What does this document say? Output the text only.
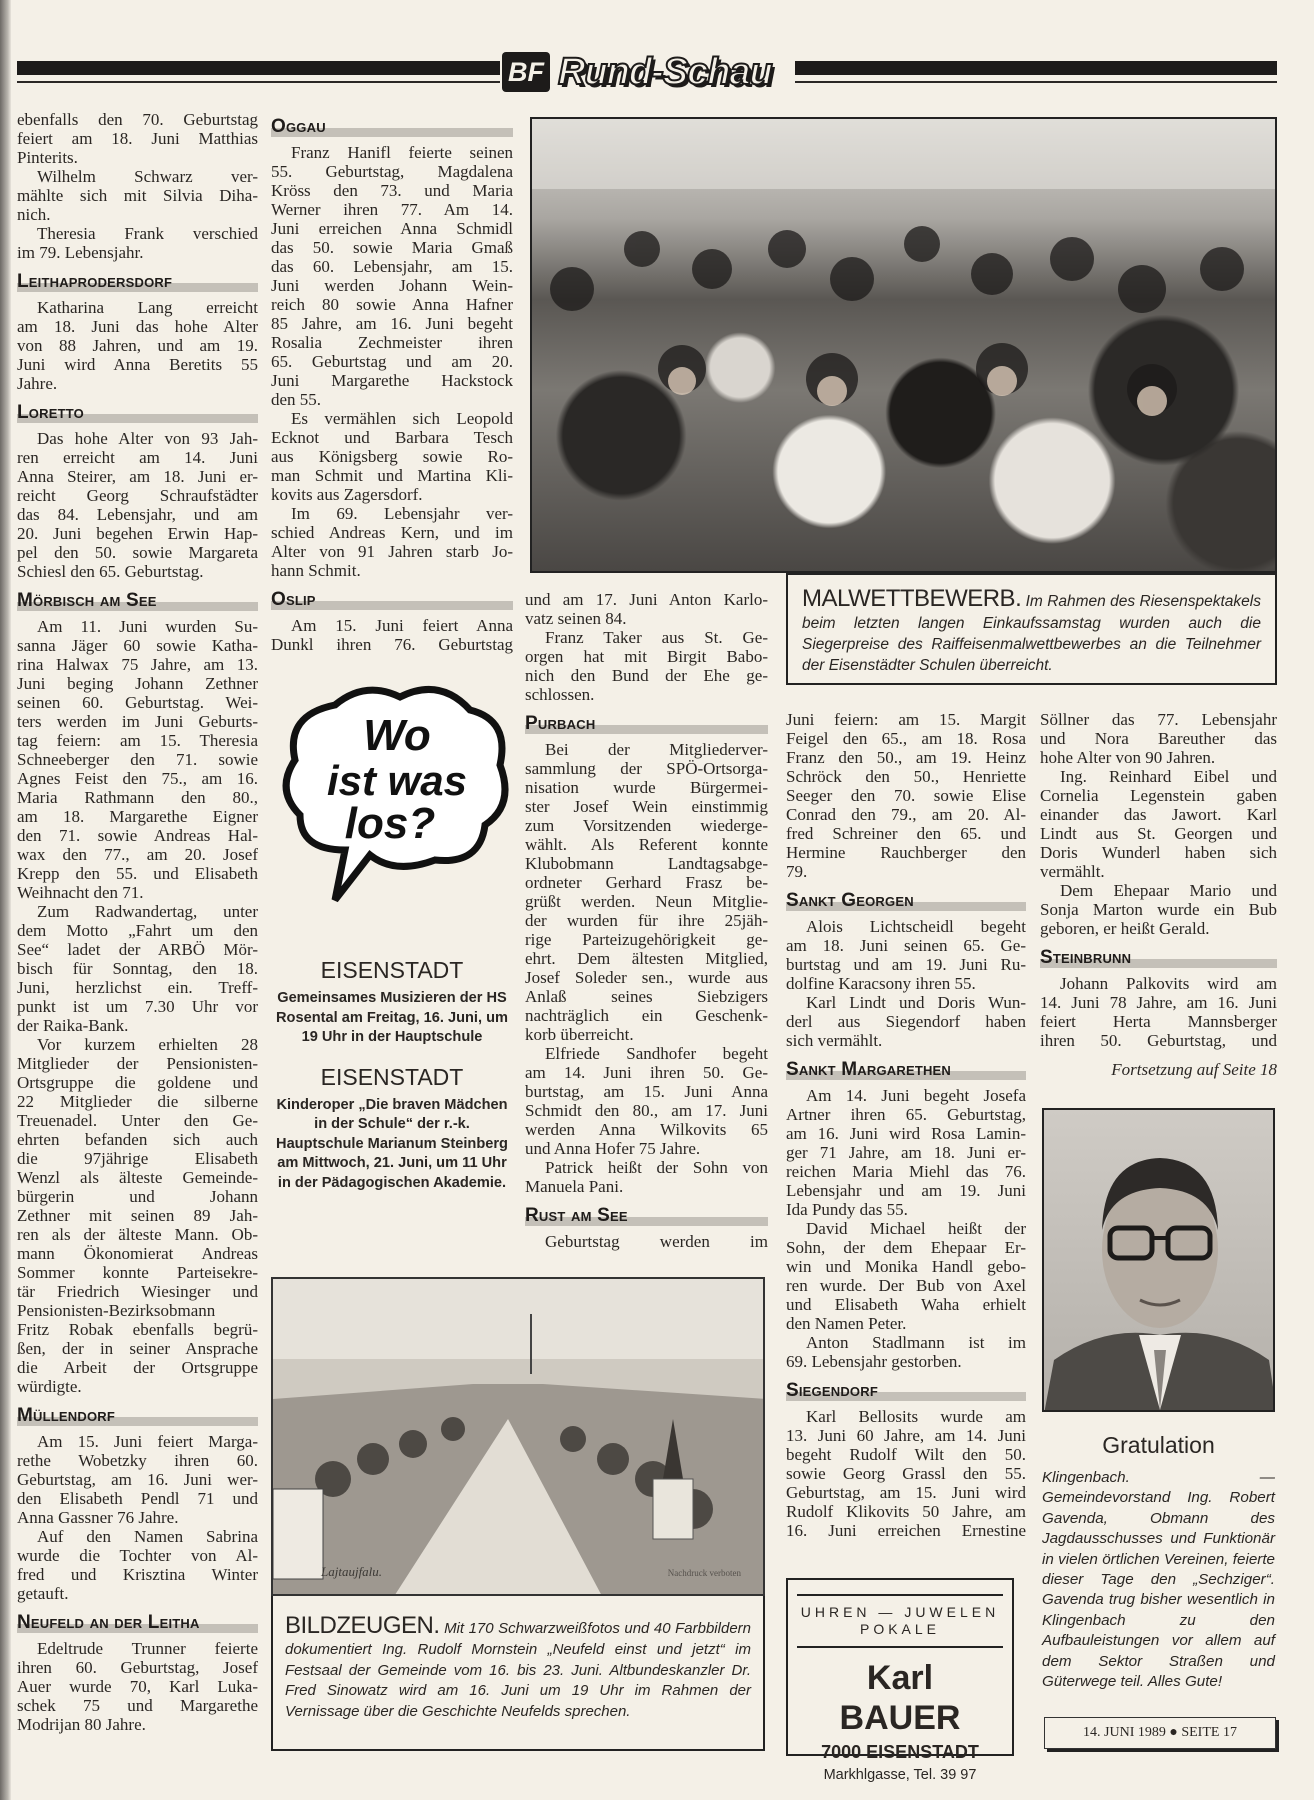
BF Rund-Schau
ebenfalls den 70. Geburtstag
feiert am 18. Juni Matthias
Pinterits.
Wilhelm Schwarz ver-
mählte sich mit Silvia Diha-
nich.
Theresia Frank verschied
im 79. Lebensjahr.
Leithaprodersdorf
Katharina Lang erreicht
am 18. Juni das hohe Alter
von 88 Jahren, und am 19.
Juni wird Anna Beretits 55
Jahre.
Loretto
Das hohe Alter von 93 Jah-
ren erreicht am 14. Juni
Anna Steirer, am 18. Juni er-
reicht Georg Schraufstädter
das 84. Lebensjahr, und am
20. Juni begehen Erwin Hap-
pel den 50. sowie Margareta
Schiesl den 65. Geburtstag.
Mörbisch am See
Am 11. Juni wurden Su-
sanna Jäger 60 sowie Katha-
rina Halwax 75 Jahre, am 13.
Juni beging Johann Zethner
seinen 60. Geburtstag. Wei-
ters werden im Juni Geburts-
tag feiern: am 15. Theresia
Schneeberger den 71. sowie
Agnes Feist den 75., am 16.
Maria Rathmann den 80.,
am 18. Margarethe Eigner
den 71. sowie Andreas Hal-
wax den 77., am 20. Josef
Krepp den 55. und Elisabeth
Weihnacht den 71.
Zum Radwandertag, unter
dem Motto „Fahrt um den
See“ ladet der ARBÖ Mör-
bisch für Sonntag, den 18.
Juni, herzlichst ein. Treff-
punkt ist um 7.30 Uhr vor
der Raika-Bank.
Vor kurzem erhielten 28
Mitglieder der Pensionisten-
Ortsgruppe die goldene und
22 Mitglieder die silberne
Treuenadel. Unter den Ge-
ehrten befanden sich auch
die 97jährige Elisabeth
Wenzl als älteste Gemeinde-
bürgerin und Johann
Zethner mit seinen 89 Jah-
ren als der älteste Mann. Ob-
mann Ökonomierat Andreas
Sommer konnte Parteisekre-
tär Friedrich Wiesinger und
Pensionisten-Bezirksobmann
Fritz Robak ebenfalls begrü-
ßen, der in seiner Ansprache
die Arbeit der Ortsgruppe
würdigte.
Müllendorf
Am 15. Juni feiert Marga-
rethe Wobetzky ihren 60.
Geburtstag, am 16. Juni wer-
den Elisabeth Pendl 71 und
Anna Gassner 76 Jahre.
Auf den Namen Sabrina
wurde die Tochter von Al-
fred und Krisztina Winter
getauft.
Neufeld an der Leitha
Edeltrude Trunner feierte
ihren 60. Geburtstag, Josef
Auer wurde 70, Karl Luka-
schek 75 und Margarethe
Modrijan 80 Jahre.
Oggau
Franz Hanifl feierte seinen
55. Geburtstag, Magdalena
Kröss den 73. und Maria
Werner ihren 77. Am 14.
Juni erreichen Anna Schmidl
das 50. sowie Maria Gmaß
das 60. Lebensjahr, am 15.
Juni werden Johann Wein-
reich 80 sowie Anna Hafner
85 Jahre, am 16. Juni begeht
Rosalia Zechmeister ihren
65. Geburtstag und am 20.
Juni Margarethe Hackstock
den 55.
Es vermählen sich Leopold
Ecknot und Barbara Tesch
aus Königsberg sowie Ro-
man Schmit und Martina Kli-
kovits aus Zagersdorf.
Im 69. Lebensjahr ver-
schied Andreas Kern, und im
Alter von 91 Jahren starb Jo-
hann Schmit.
Oslip
Am 15. Juni feiert Anna
Dunkl ihren 76. Geburtstag
und am 17. Juni Anton Karlo-
vatz seinen 84.
Franz Taker aus St. Ge-
orgen hat mit Birgit Babo-
nich den Bund der Ehe ge-
schlossen.
Purbach
Bei der Mitgliederver-
sammlung der SPÖ-Ortsorga-
nisation wurde Bürgermei-
ster Josef Wein einstimmig
zum Vorsitzenden wiederge-
wählt. Als Referent konnte
Klubobmann Landtagsabge-
ordneter Gerhard Frasz be-
grüßt werden. Neun Mitglie-
der wurden für ihre 25jäh-
rige Parteizugehörigkeit ge-
ehrt. Dem ältesten Mitglied,
Josef Soleder sen., wurde aus
Anlaß seines Siebzigers
nachträglich ein Geschenk-
korb überreicht.
Elfriede Sandhofer begeht
am 14. Juni ihren 50. Ge-
burtstag, am 15. Juni Anna
Schmidt den 80., am 17. Juni
werden Anna Wilkovits 65
und Anna Hofer 75 Jahre.
Patrick heißt der Sohn von
Manuela Pani.
Rust am See
Geburtstag werden im
Juni feiern: am 15. Margit
Feigel den 65., am 18. Rosa
Franz den 50., am 19. Heinz
Schröck den 50., Henriette
Seeger den 70. sowie Elise
Conrad den 79., am 20. Al-
fred Schreiner den 65. und
Hermine Rauchberger den
79.
Sankt Georgen
Alois Lichtscheidl begeht
am 18. Juni seinen 65. Ge-
burtstag und am 19. Juni Ru-
dolfine Karacsony ihren 55.
Karl Lindt und Doris Wun-
derl aus Siegendorf haben
sich vermählt.
Sankt Margarethen
Am 14. Juni begeht Josefa
Artner ihren 65. Geburtstag,
am 16. Juni wird Rosa Lamin-
ger 71 Jahre, am 18. Juni er-
reichen Maria Miehl das 76.
Lebensjahr und am 19. Juni
Ida Pundy das 55.
David Michael heißt der
Sohn, der dem Ehepaar Er-
win und Monika Handl gebo-
ren wurde. Der Bub von Axel
und Elisabeth Waha erhielt
den Namen Peter.
Anton Stadlmann ist im
69. Lebensjahr gestorben.
Siegendorf
Karl Bellosits wurde am
13. Juni 60 Jahre, am 14. Juni
begeht Rudolf Wilt den 50.
sowie Georg Grassl den 55.
Geburtstag, am 15. Juni wird
Rudolf Klikovits 50 Jahre, am
16. Juni erreichen Ernestine
Söllner das 77. Lebensjahr
und Nora Bareuther das
hohe Alter von 90 Jahren.
Ing. Reinhard Eibel und
Cornelia Legenstein gaben
einander das Jawort. Karl
Lindt aus St. Georgen und
Doris Wunderl haben sich
vermählt.
Dem Ehepaar Mario und
Sonja Marton wurde ein Bub
geboren, er heißt Gerald.
Steinbrunn
Johann Palkovits wird am
14. Juni 78 Jahre, am 16. Juni
feiert Herta Mannsberger
ihren 50. Geburtstag, und
Fortsetzung auf Seite 18
MALWETTBEWERB. Im Rahmen des Riesenspektakels beim letzten langen Einkaufssamstag wurden auch die Siegerpreise des Raiffeisenmalwettbewerbes an die Teilnehmer der Eisenstädter Schulen überreicht.
Wo
ist was
los?
EISENSTADT
Gemeinsames Musizieren der HS Rosental am Freitag, 16. Juni, um 19 Uhr in der Hauptschule
EISENSTADT
Kinderoper „Die braven Mädchen in der Schule“ der r.-k. Hauptschule Marianum Steinberg am Mittwoch, 21. Juni, um 11 Uhr in der Pädagogischen Akademie.
Lajtaujfalu.	Nachdruck verboten
BILDZEUGEN. Mit 170 Schwarzweißfotos und 40 Farbbildern dokumentiert Ing. Rudolf Mornstein „Neufeld einst und jetzt“ im Festsaal der Gemeinde vom 16. bis 23. Juni. Altbundeskanzler Dr. Fred Sinowatz wird am 16. Juni um 19 Uhr im Rahmen der Vernissage über die Geschichte Neufelds sprechen.
UHREN — JUWELEN
POKALE
Karl BAUER
7000 EISENSTADT
Markhlgasse, Tel. 39 97
Gratulation
Klingenbach. — Gemeindevorstand Ing. Robert Gavenda, Obmann des Jagdausschusses und Funktionär in vielen örtlichen Vereinen, feierte dieser Tage den „Sechziger“. Gavenda trug bisher wesentlich in Klingenbach zu den Aufbauleistungen vor allem auf dem Sektor Straßen und Güterwege teil. Alles Gute!
14. JUNI 1989 ● SEITE 17
